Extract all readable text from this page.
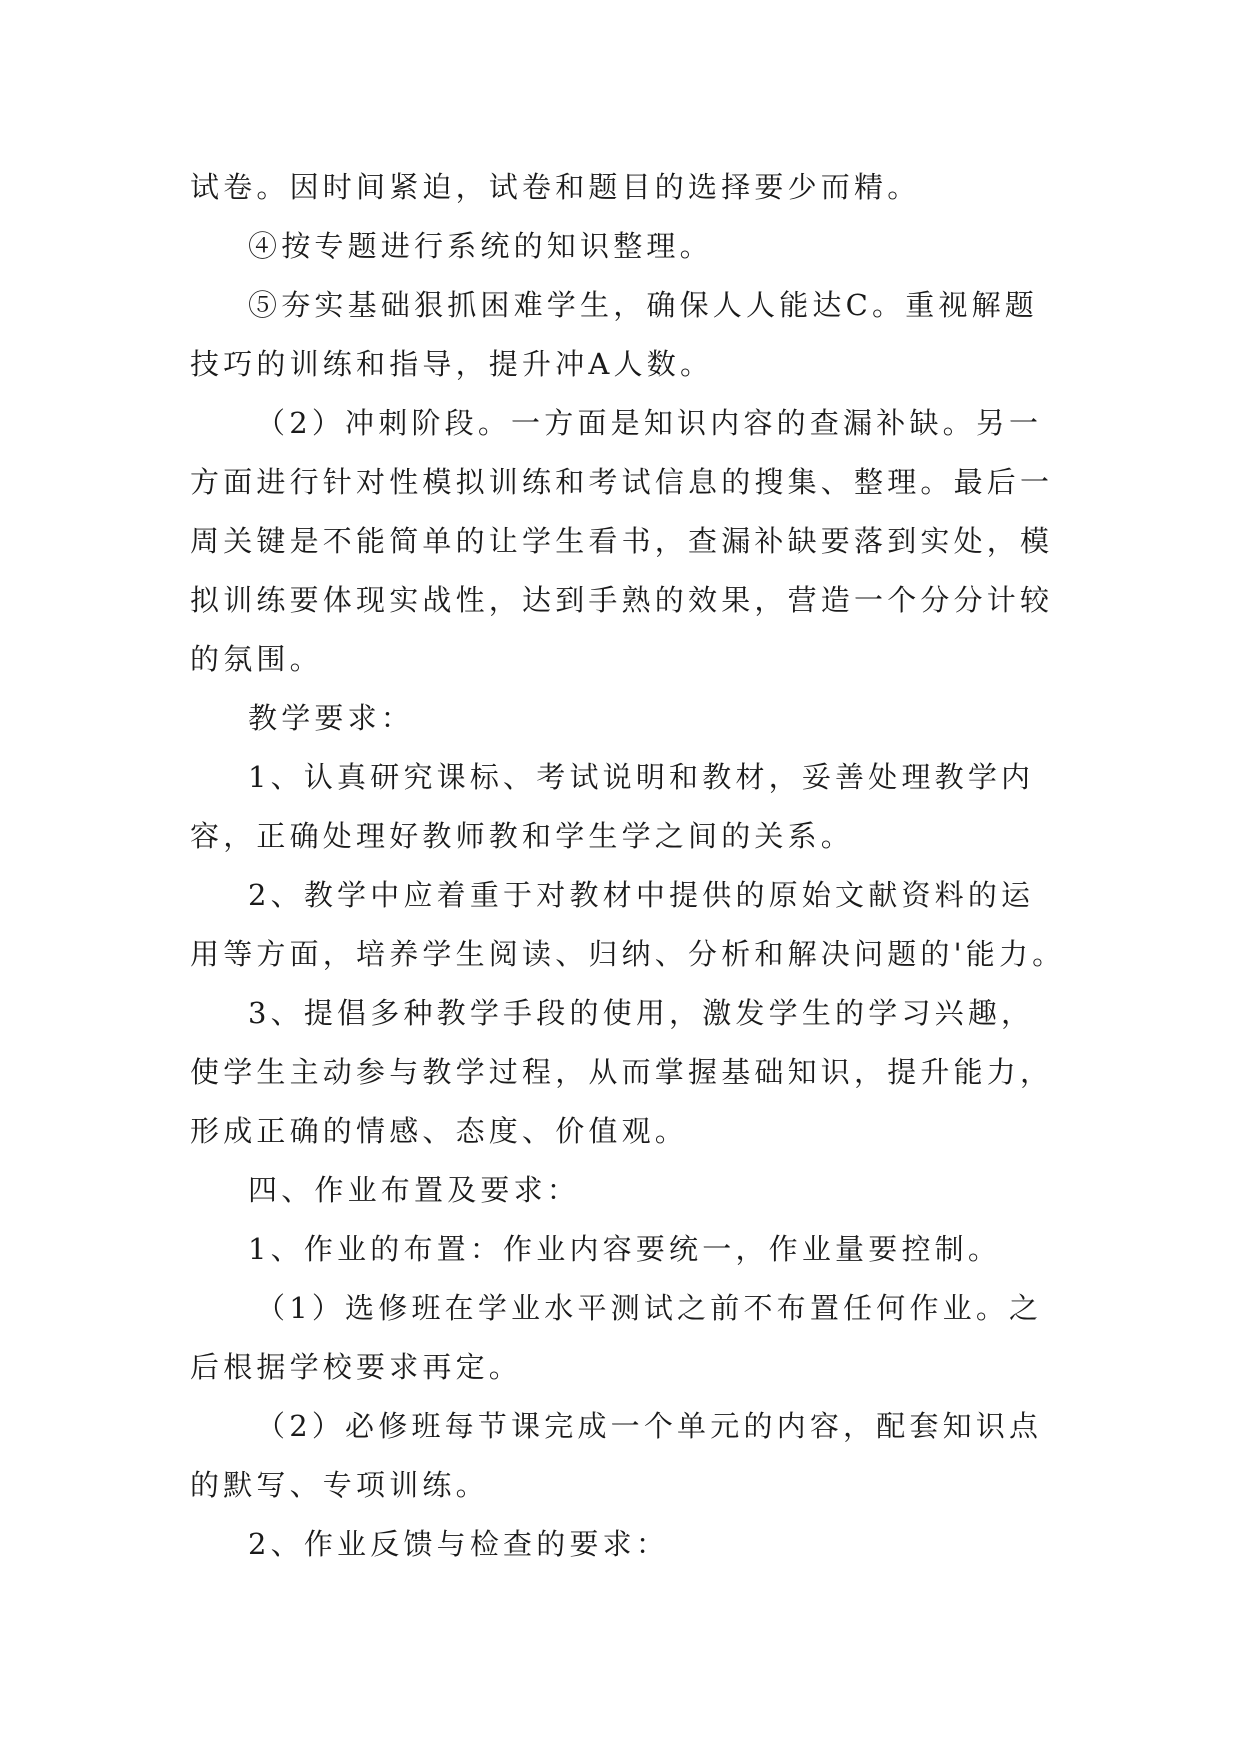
试卷。因时间紧迫，试卷和题目的选择要少而精。
④按专题进行系统的知识整理。
⑤夯实基础狠抓困难学生，确保人人能达C。重视解题
技巧的训练和指导，提升冲A人数。
（2）冲刺阶段。一方面是知识内容的查漏补缺。另一
方面进行针对性模拟训练和考试信息的搜集、整理。最后一
周关键是不能简单的让学生看书，查漏补缺要落到实处，模
拟训练要体现实战性，达到手熟的效果，营造一个分分计较
的氛围。
教学要求：
1、认真研究课标、考试说明和教材，妥善处理教学内
容，正确处理好教师教和学生学之间的关系。
2、教学中应着重于对教材中提供的原始文献资料的运
用等方面，培养学生阅读、归纳、分析和解决问题的'能力。
3、提倡多种教学手段的使用，激发学生的学习兴趣，
使学生主动参与教学过程，从而掌握基础知识，提升能力，
形成正确的情感、态度、价值观。
四、作业布置及要求：
1、作业的布置：作业内容要统一，作业量要控制。
（1）选修班在学业水平测试之前不布置任何作业。之
后根据学校要求再定。
（2）必修班每节课完成一个单元的内容，配套知识点
的默写、专项训练。
2、作业反馈与检查的要求：
